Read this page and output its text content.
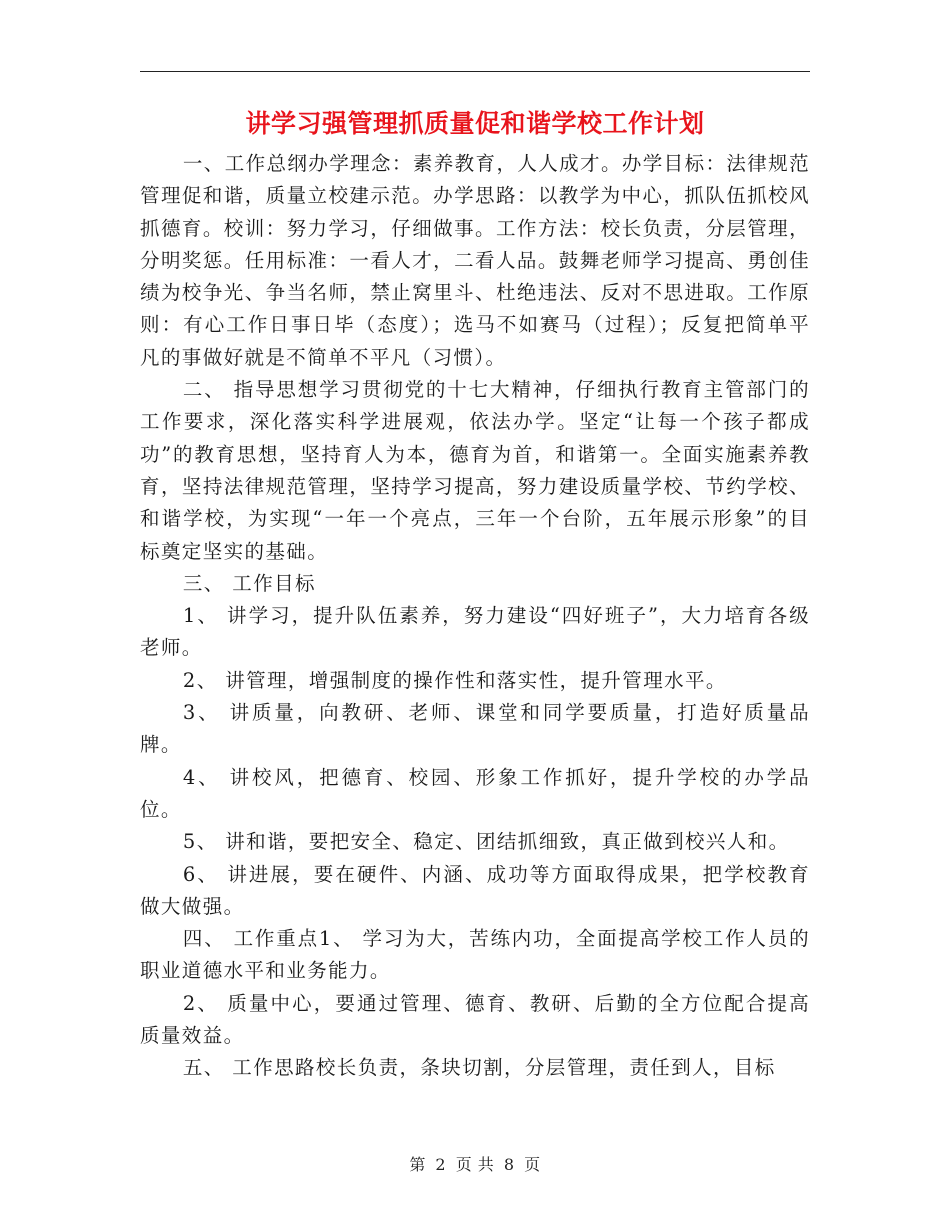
讲学习强管理抓质量促和谐学校工作计划

一、工作总纲办学理念：素养教育，人人成才。办学目标：法律规范管理促和谐，质量立校建示范。办学思路：以教学为中心，抓队伍抓校风抓德育。校训：努力学习，仔细做事。工作方法：校长负责，分层管理，分明奖惩。任用标准：一看人才，二看人品。鼓舞老师学习提高、勇创佳绩为校争光、争当名师，禁止窝里斗、杜绝违法、反对不思进取。工作原则：有心工作日事日毕（态度）；选马不如赛马（过程）；反复把简单平凡的事做好就是不简单不平凡（习惯）。

二、 指导思想学习贯彻党的十七大精神，仔细执行教育主管部门的工作要求，深化落实科学进展观，依法办学。坚定“让每一个孩子都成功”的教育思想，坚持育人为本，德育为首，和谐第一。全面实施素养教育，坚持法律规范管理，坚持学习提高，努力建设质量学校、节约学校、和谐学校，为实现“一年一个亮点，三年一个台阶，五年展示形象”的目标奠定坚实的基础。

三、 工作目标

1、 讲学习，提升队伍素养，努力建设“四好班子”，大力培育各级老师。

2、 讲管理，增强制度的操作性和落实性，提升管理水平。

3、 讲质量，向教研、老师、课堂和同学要质量，打造好质量品牌。

4、 讲校风，把德育、校园、形象工作抓好，提升学校的办学品位。

5、 讲和谐，要把安全、稳定、团结抓细致，真正做到校兴人和。

6、 讲进展，要在硬件、内涵、成功等方面取得成果，把学校教育做大做强。

四、 工作重点1、 学习为大，苦练内功，全面提高学校工作人员的职业道德水平和业务能力。

2、 质量中心，要通过管理、德育、教研、后勤的全方位配合提高质量效益。

五、 工作思路校长负责，条块切割，分层管理，责任到人，目标

第 2 页 共 8 页
